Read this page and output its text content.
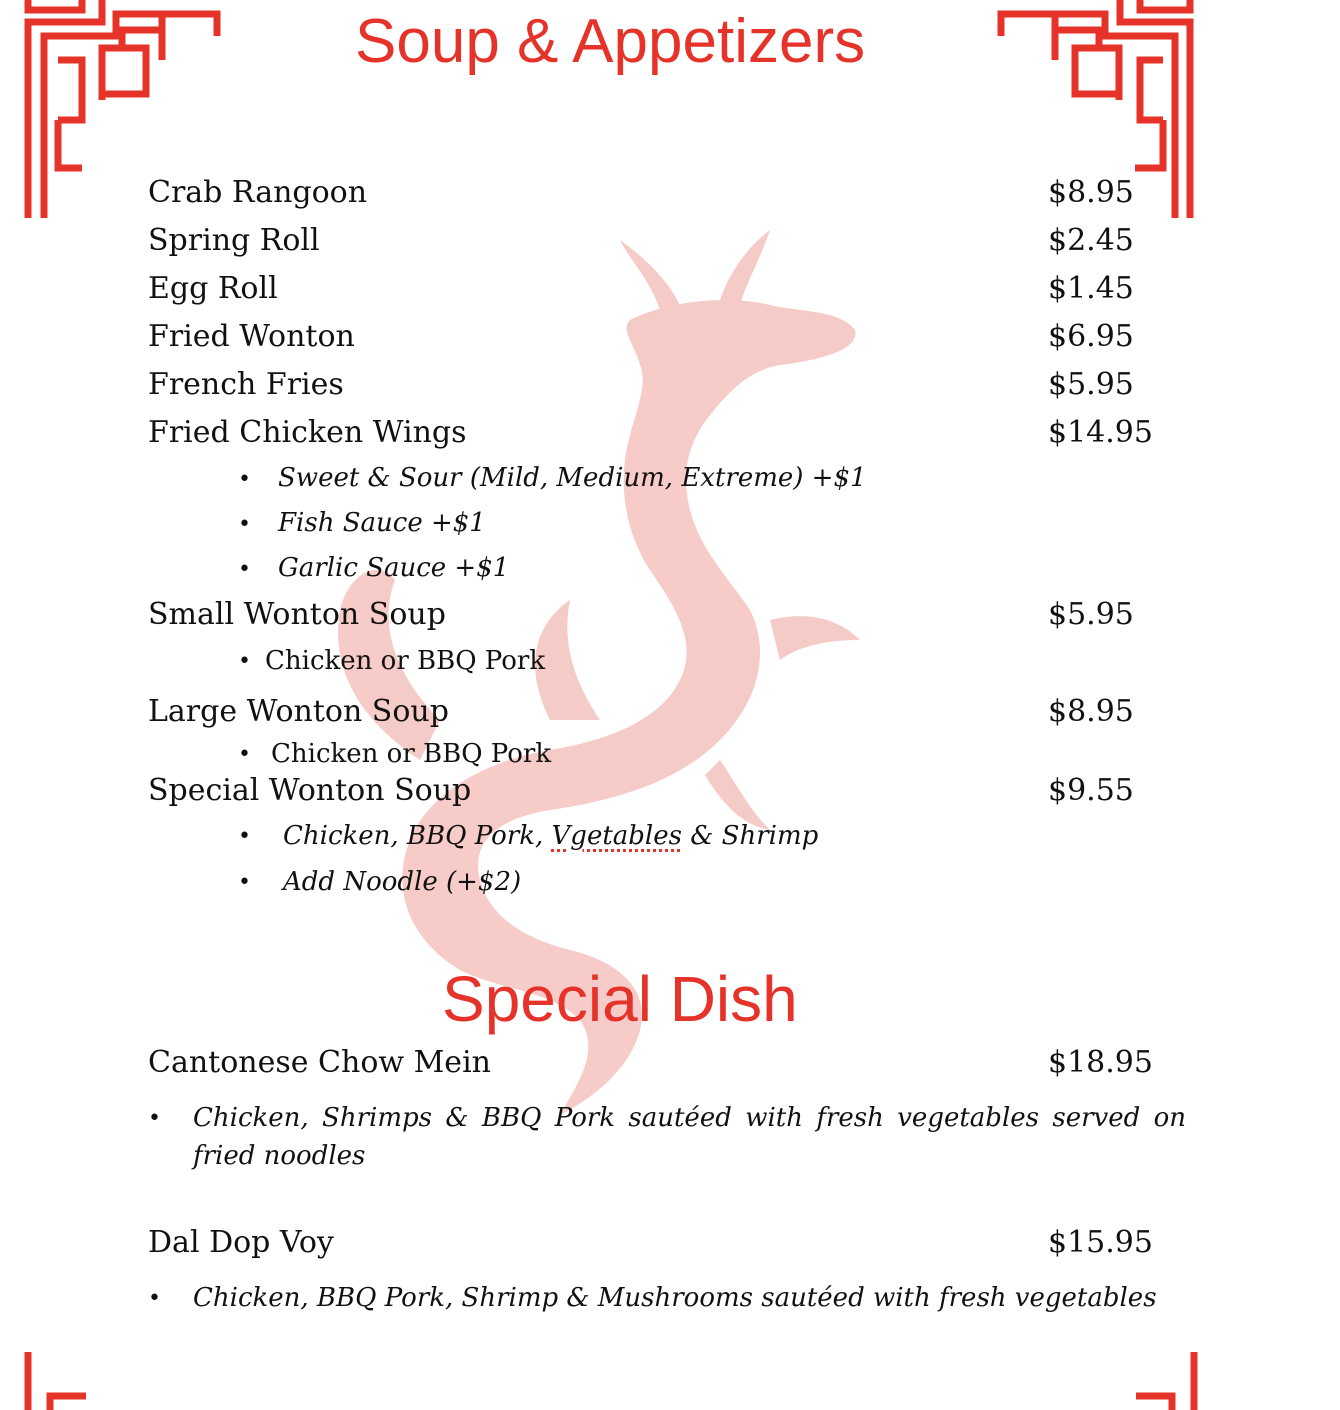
Soup & Appetizers
Special Dish
Crab Rangoon	$8.95
Spring Roll	$2.45
Egg Roll	$1.45
Fried Wonton	$6.95
French Fries	$5.95
Fried Chicken Wings	$14.95
• Sweet & Sour (Mild, Medium, Extreme) +$1
• Fish Sauce +$1
• Garlic Sauce +$1
Small Wonton Soup	$5.95
• Chicken or BBQ Pork
Large Wonton Soup	$8.95
• Chicken or BBQ Pork
Special Wonton Soup	$9.55
• Chicken, BBQ Pork, Vgetables & Shrimp
• Add Noodle (+$2)
Cantonese Chow Mein	$18.95
• Chicken, Shrimps & BBQ Pork sautéed with fresh vegetables served on fried noodles
Dal Dop Voy	$15.95
• Chicken, BBQ Pork, Shrimp & Mushrooms sautéed with fresh vegetables
